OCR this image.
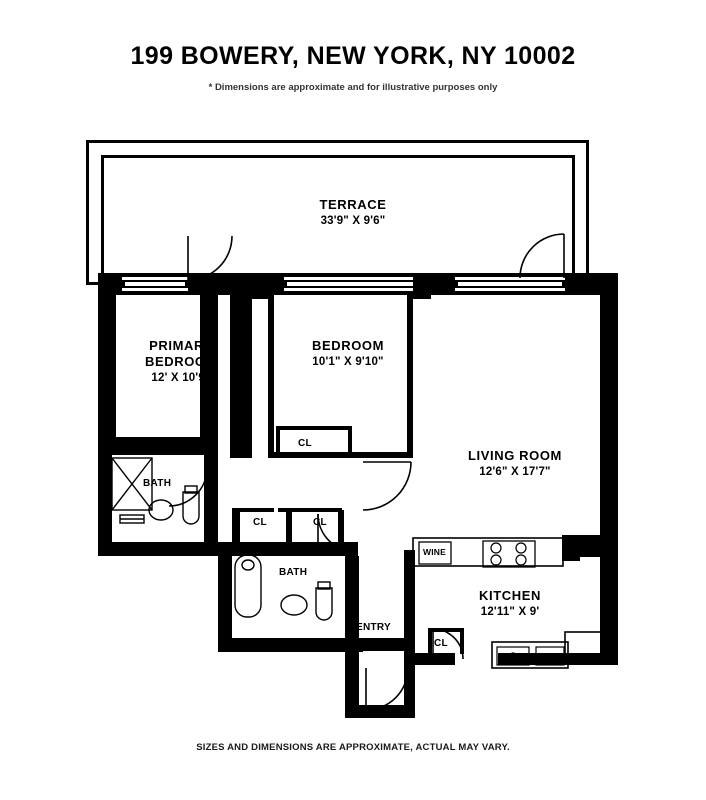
199 BOWERY, NEW YORK, NY 10002
* Dimensions are approximate and for illustrative purposes only
TERRACE
33'9" X 9'6"
PRIMARY
BEDROOM
12' X 10'9"
BEDROOM
10'1" X 9'10"
LIVING ROOM
12'6" X 17'7"
KITCHEN
12'11" X 9'
BATH
BATH
ENTRY
CL
CL	CL
CL
WINE
DW
SIZES AND DIMENSIONS ARE APPROXIMATE, ACTUAL MAY VARY.
